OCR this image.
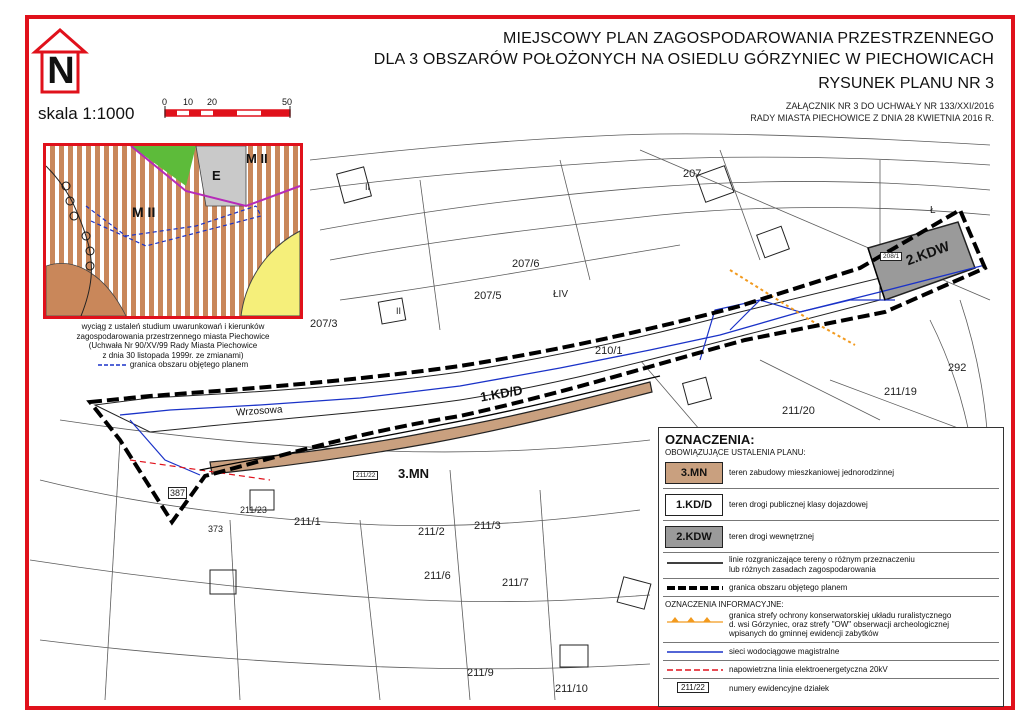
N
MIEJSCOWY PLAN ZAGOSPODAROWANIA PRZESTRZENNEGO
DLA 3 OBSZARÓW POŁOŻONYCH NA OSIEDLU GÓRZYNIEC W PIECHOWICACH
RYSUNEK PLANU NR 3
ZAŁĄCZNIK NR 3 DO UCHWAŁY NR 133/XXI/2016
RADY MIASTA PIECHOWICE Z DNIA 28 KWIETNIA 2016 R.
skala 1:1000
0 10 20	50
M II
M II
E
wyciąg z ustaleń studium uwarunkowań i kierunków
zagospodarowania przestrzennego miasta Piechowice
(Uchwała Nr 90/XV/99 Rady Miasta Piechowice
z dnia 30 listopada 1999r. ze zmianami)
granica obszaru objętego planem
1.KD/D
3.MN
2.KDW
Wrzosowa
211/22
208/1
207/5
207/6
207/3
210/1
211/20
211/19
211/1
211/2	211/3
211/6
211/7
211/9
211/10
211/23
207
292
373
387
II
II
ŁIV
Ł
OZNACZENIA:
OBOWIĄZUJĄCE USTALENIA PLANU:
3.MN	teren zabudowy mieszkaniowej jednorodzinnej
1.KD/D	teren drogi publicznej klasy dojazdowej
2.KDW	teren drogi wewnętrznej
linie rozgraniczające tereny o różnym przeznaczeniu
lub różnych zasadach zagospodarowania
granica obszaru objętego planem
OZNACZENIA INFORMACYJNE:
granica strefy ochrony konserwatorskiej układu ruralistycznego
d. wsi Górzyniec, oraz strefy "OW" obserwacji archeologicznej
wpisanych do gminnej ewidencji zabytków
sieci wodociągowe magistralne
napowietrzna linia elektroenergetyczna 20kV
211/22	numery ewidencyjne działek
